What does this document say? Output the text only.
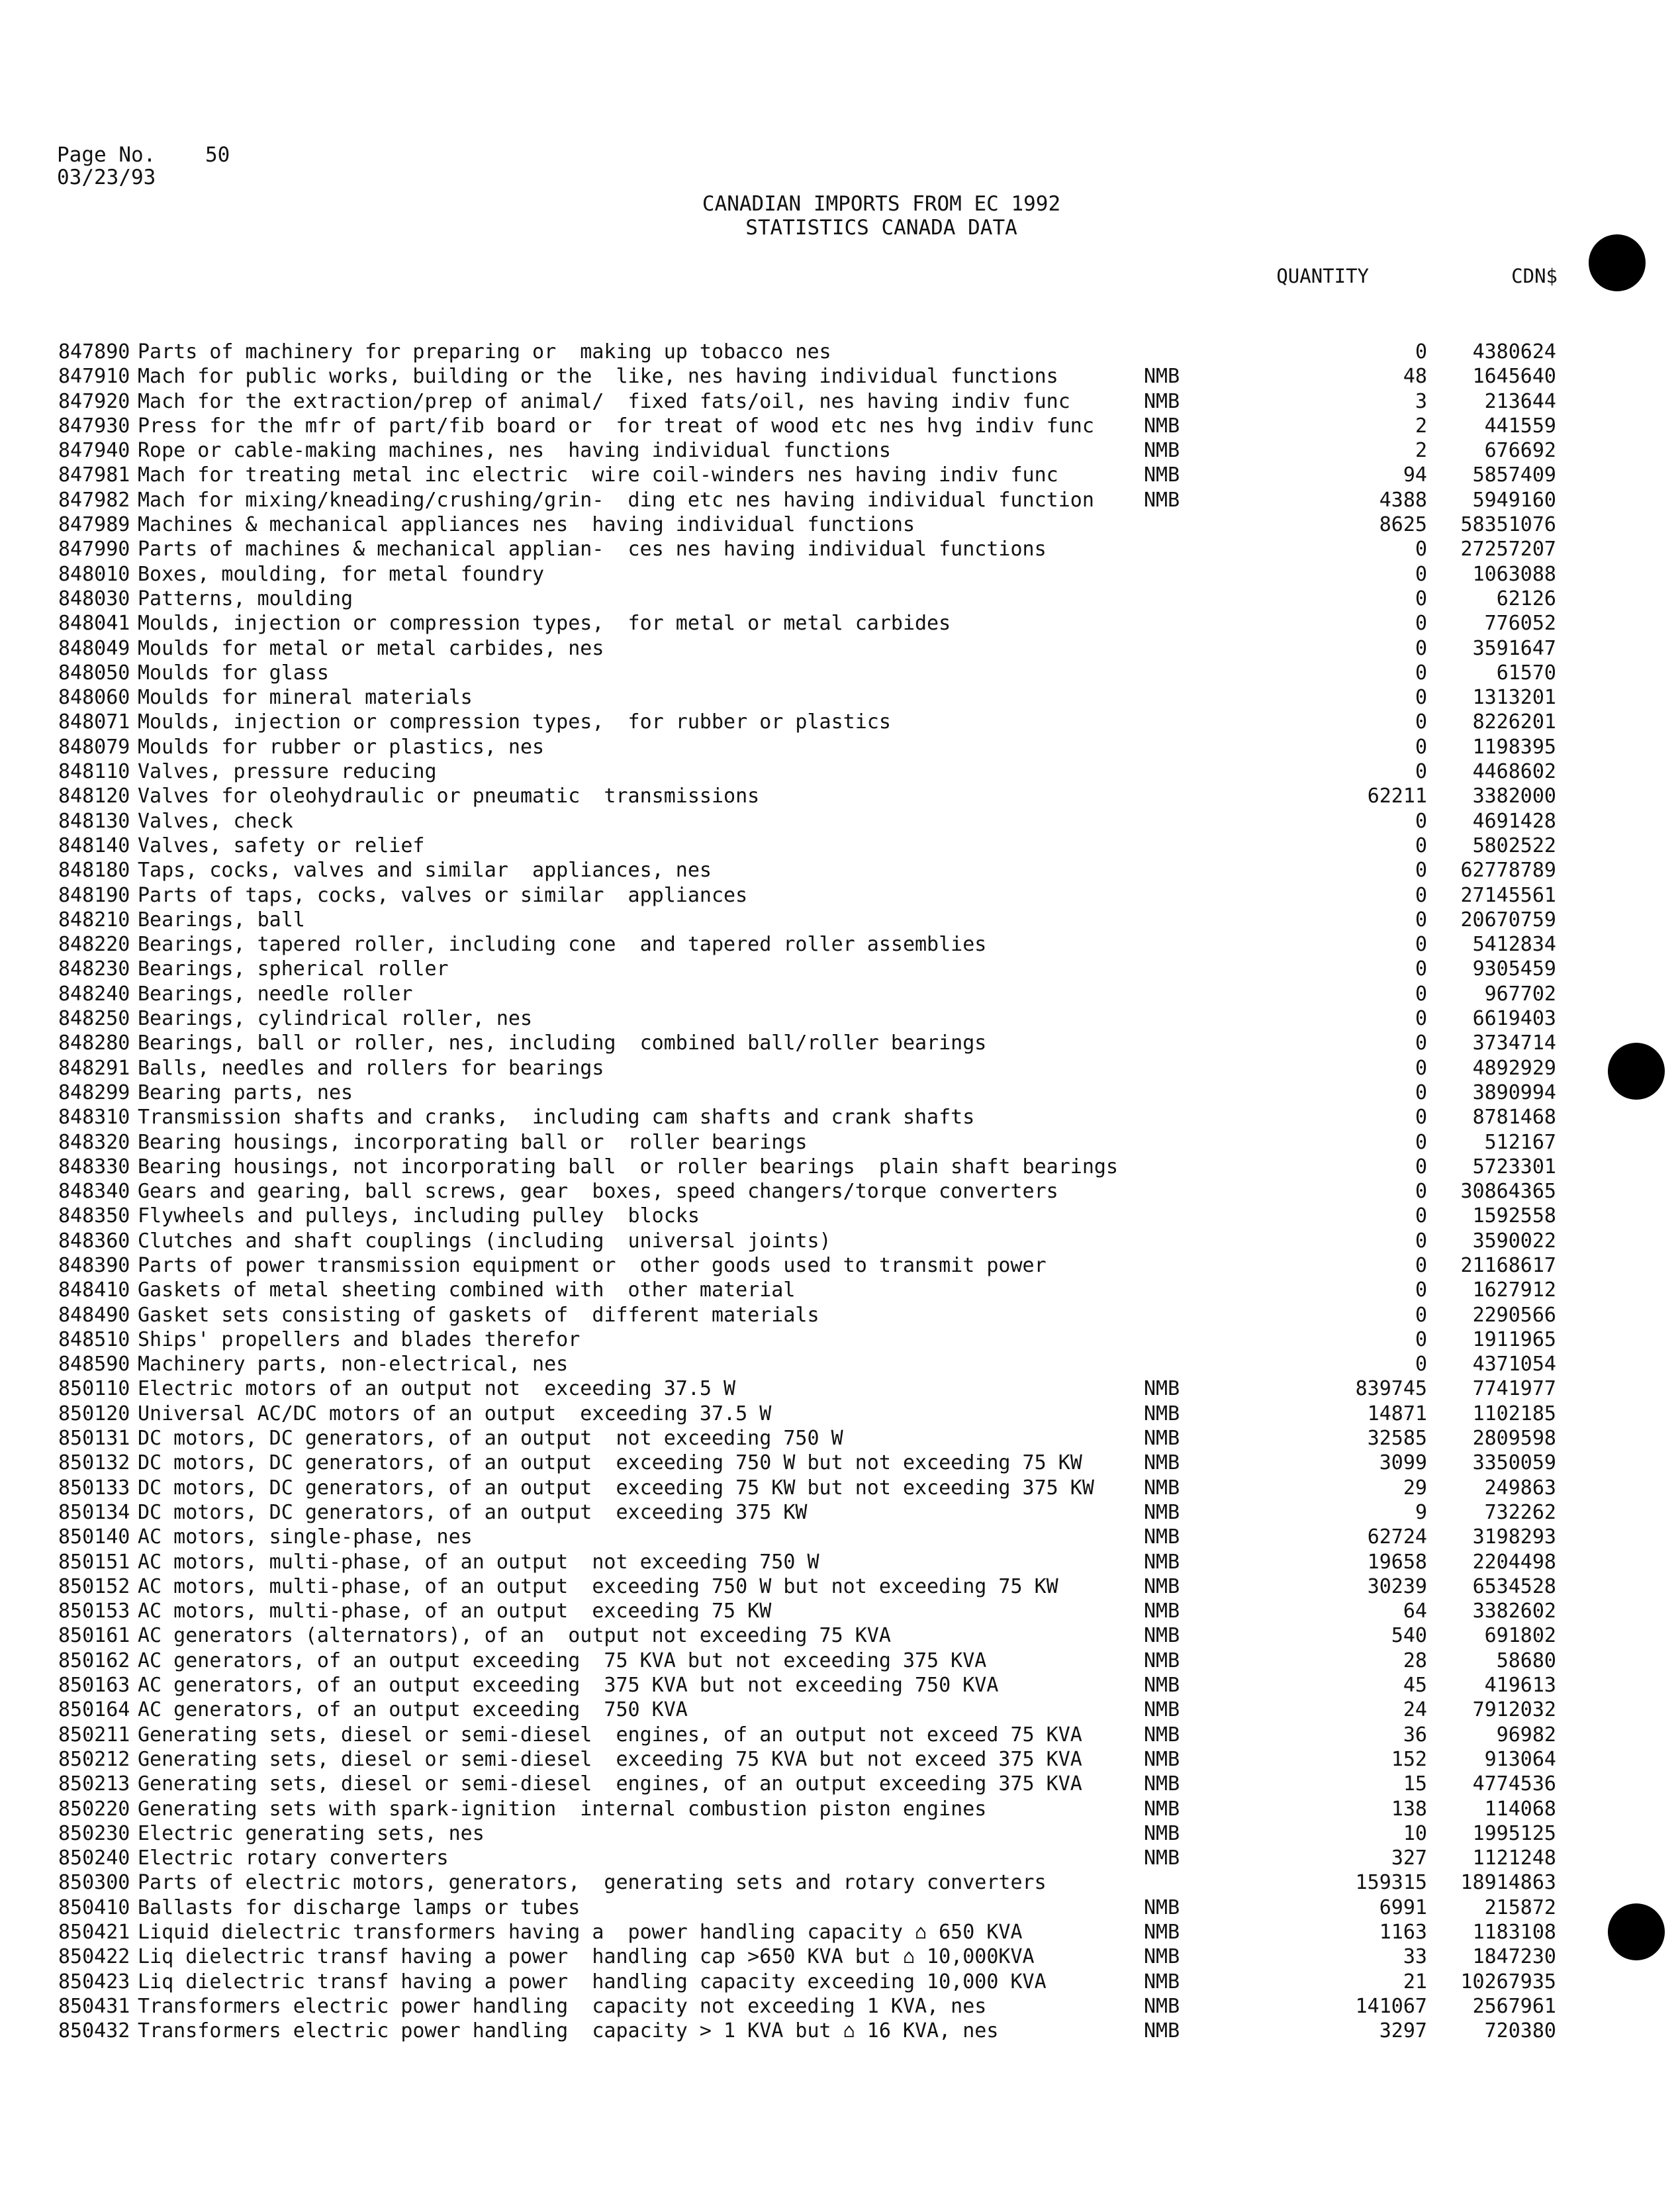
Page No. 50
03/23/93
CANADIAN IMPORTS FROM EC 1992
STATISTICS CANADA DATA
QUANTITY	CDN$
847890 Parts of machinery for preparing or  making up tobacco nes	0 4380624
847910 Mach for public works, building or the  like, nes having individual functions	NMB	48 1645640
847920 Mach for the extraction/prep of animal/  fixed fats/oil, nes having indiv func	NMB	3	213644
847930 Press for the mfr of part/fib board or  for treat of wood etc nes hvg indiv func	NMB	2	441559
847940 Rope or cable-making machines, nes  having individual functions	NMB	2	676692
847981 Mach for treating metal inc electric  wire coil-winders nes having indiv func	NMB	94 5857409
847982 Mach for mixing/kneading/crushing/grin-  ding etc nes having individual function	NMB	4388 5949160
847989 Machines & mechanical appliances nes  having individual functions	8625 58351076
847990 Parts of machines & mechanical applian-  ces nes having individual functions	0 27257207
848010 Boxes, moulding, for metal foundry	0 1063088
848030 Patterns, moulding	0	62126
848041 Moulds, injection or compression types,  for metal or metal carbides	0	776052
848049 Moulds for metal or metal carbides, nes	0 3591647
848050 Moulds for glass	0	61570
848060 Moulds for mineral materials	0 1313201
848071 Moulds, injection or compression types,  for rubber or plastics	0 8226201
848079 Moulds for rubber or plastics, nes	0 1198395
848110 Valves, pressure reducing	0 4468602
848120 Valves for oleohydraulic or pneumatic  transmissions	62211 3382000
848130 Valves, check	0 4691428
848140 Valves, safety or relief	0 5802522
848180 Taps, cocks, valves and similar  appliances, nes	0 62778789
848190 Parts of taps, cocks, valves or similar  appliances	0 27145561
848210 Bearings, ball	0 20670759
848220 Bearings, tapered roller, including cone  and tapered roller assemblies	0 5412834
848230 Bearings, spherical roller	0 9305459
848240 Bearings, needle roller	0	967702
848250 Bearings, cylindrical roller, nes	0 6619403
848280 Bearings, ball or roller, nes, including  combined ball/roller bearings	0 3734714
848291 Balls, needles and rollers for bearings	0 4892929
848299 Bearing parts, nes	0 3890994
848310 Transmission shafts and cranks,  including cam shafts and crank shafts	0 8781468
848320 Bearing housings, incorporating ball or  roller bearings	0	512167
848330 Bearing housings, not incorporating ball  or roller bearings  plain shaft bearings	0 5723301
848340 Gears and gearing, ball screws, gear  boxes, speed changers/torque converters	0 30864365
848350 Flywheels and pulleys, including pulley  blocks	0 1592558
848360 Clutches and shaft couplings (including  universal joints)	0 3590022
848390 Parts of power transmission equipment or  other goods used to transmit power	0 21168617
848410 Gaskets of metal sheeting combined with  other material	0 1627912
848490 Gasket sets consisting of gaskets of  different materials	0 2290566
848510 Ships' propellers and blades therefor	0 1911965
848590 Machinery parts, non-electrical, nes	0 4371054
850110 Electric motors of an output not  exceeding 37.5 W	NMB	839745 7741977
850120 Universal AC/DC motors of an output  exceeding 37.5 W	NMB	14871 1102185
850131 DC motors, DC generators, of an output  not exceeding 750 W	NMB	32585 2809598
850132 DC motors, DC generators, of an output  exceeding 750 W but not exceeding 75 KW	NMB	3099 3350059
850133 DC motors, DC generators, of an output  exceeding 75 KW but not exceeding 375 KW	NMB	29	249863
850134 DC motors, DC generators, of an output  exceeding 375 KW	NMB	9	732262
850140 AC motors, single-phase, nes	NMB	62724 3198293
850151 AC motors, multi-phase, of an output  not exceeding 750 W	NMB	19658 2204498
850152 AC motors, multi-phase, of an output  exceeding 750 W but not exceeding 75 KW	NMB	30239 6534528
850153 AC motors, multi-phase, of an output  exceeding 75 KW	NMB	64 3382602
850161 AC generators (alternators), of an  output not exceeding 75 KVA	NMB	540	691802
850162 AC generators, of an output exceeding  75 KVA but not exceeding 375 KVA	NMB	28	58680
850163 AC generators, of an output exceeding  375 KVA but not exceeding 750 KVA	NMB	45	419613
850164 AC generators, of an output exceeding  750 KVA	NMB	24 7912032
850211 Generating sets, diesel or semi-diesel  engines, of an output not exceed 75 KVA	NMB	36	96982
850212 Generating sets, diesel or semi-diesel  exceeding 75 KVA but not exceed 375 KVA	NMB	152	913064
850213 Generating sets, diesel or semi-diesel  engines, of an output exceeding 375 KVA	NMB	15 4774536
850220 Generating sets with spark-ignition  internal combustion piston engines	NMB	138	114068
850230 Electric generating sets, nes	NMB	10 1995125
850240 Electric rotary converters	NMB	327 1121248
850300 Parts of electric motors, generators,  generating sets and rotary converters	159315 18914863
850410 Ballasts for discharge lamps or tubes	NMB	6991	215872
850421 Liquid dielectric transformers having a  power handling capacity ⌂ 650 KVA	NMB	1163 1183108
850422 Liq dielectric transf having a power  handling cap >650 KVA but ⌂ 10,000KVA	NMB	33 1847230
850423 Liq dielectric transf having a power  handling capacity exceeding 10,000 KVA	NMB	21 10267935
850431 Transformers electric power handling  capacity not exceeding 1 KVA, nes	NMB	141067 2567961
850432 Transformers electric power handling  capacity > 1 KVA but ⌂ 16 KVA, nes	NMB	3297	720380
